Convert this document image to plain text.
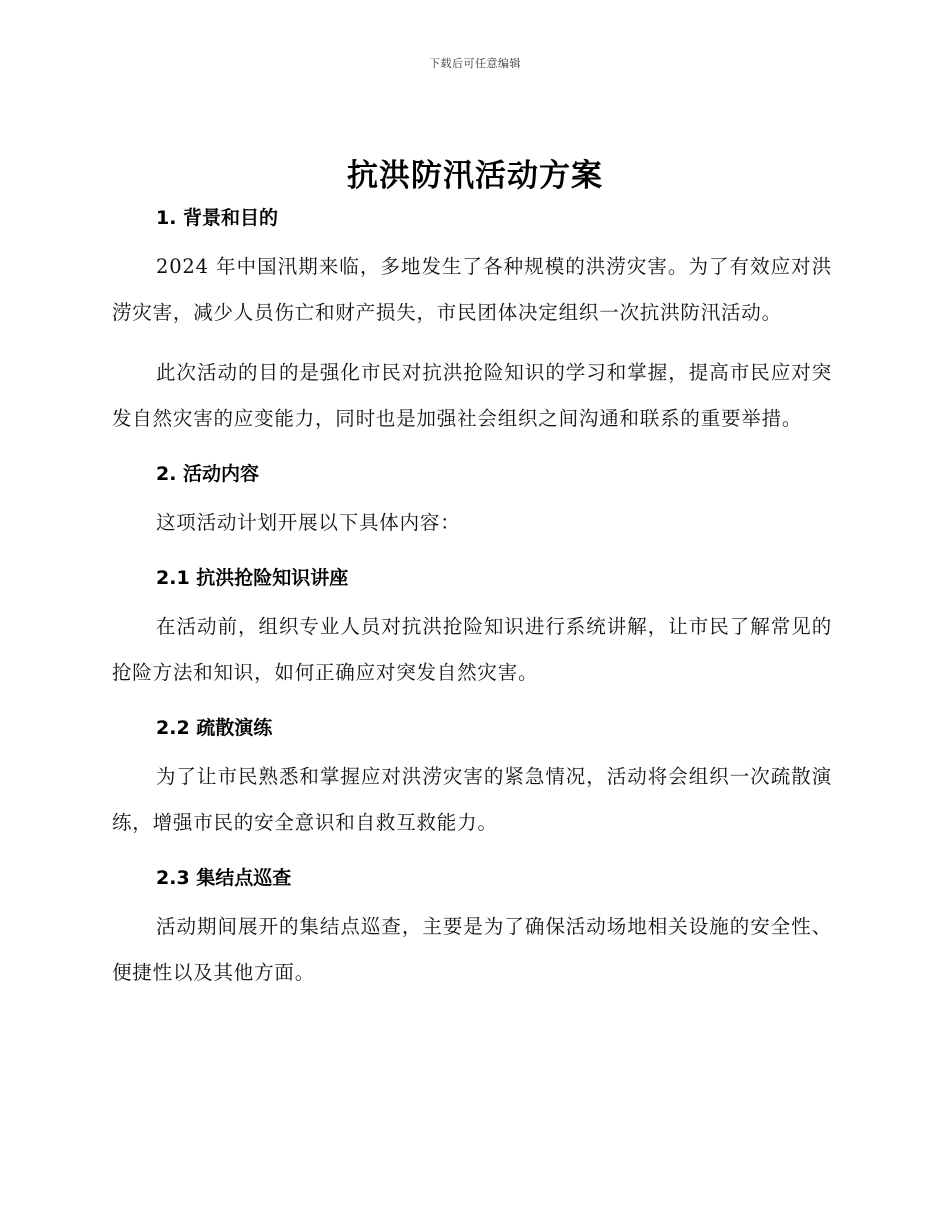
下载后可任意编辑
抗洪防汛活动方案
1. 背景和目的

2024 年中国汛期来临，多地发生了各种规模的洪涝灾害。为了有效应对洪涝灾害，减少人员伤亡和财产损失，市民团体决定组织一次抗洪防汛活动。

此次活动的目的是强化市民对抗洪抢险知识的学习和掌握，提高市民应对突发自然灾害的应变能力，同时也是加强社会组织之间沟通和联系的重要举措。

2. 活动内容

这项活动计划开展以下具体内容：

2.1 抗洪抢险知识讲座

在活动前，组织专业人员对抗洪抢险知识进行系统讲解，让市民了解常见的抢险方法和知识，如何正确应对突发自然灾害。

2.2 疏散演练

为了让市民熟悉和掌握应对洪涝灾害的紧急情况，活动将会组织一次疏散演练，增强市民的安全意识和自救互救能力。

2.3 集结点巡查

活动期间展开的集结点巡查，主要是为了确保活动场地相关设施的安全性、便捷性以及其他方面。
